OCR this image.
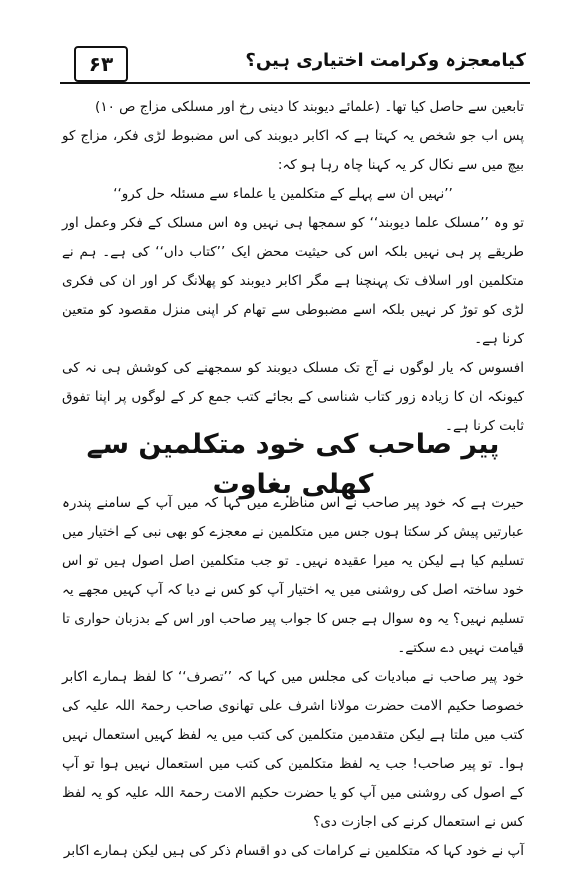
۶۳	کیامعجزہ وکرامت اختیاری ہیں؟

تابعین سے حاصل کیا تھا۔ (علمائے دیوبند کا دینی رخ اور مسلکی مزاج ص ۱۰)

پس اب جو شخص یہ کہتا ہے کہ اکابر دیوبند کی اس مضبوط لڑی فکر، مزاج کو بیچ میں سے نکال کر یہ کہنا چاہ رہا ہو کہ:

’’نہیں ان سے پہلے کے متکلمین یا علماء سے مسئلہ حل کرو‘‘

تو وہ ’’مسلک علما دیوبند‘‘ کو سمجھا ہی نہیں وہ اس مسلک کے فکر وعمل اور طریقے پر ہی نہیں بلکہ اس کی حیثیت محض ایک ’’کتاب داں‘‘ کی ہے۔ ہم نے متکلمین اور اسلاف تک پہنچنا ہے مگر اکابر دیوبند کو پھلانگ کر اور ان کی فکری لڑی کو توڑ کر نہیں بلکہ اسے مضبوطی سے تھام کر اپنی منزل مقصود کو متعین کرنا ہے۔

افسوس کہ یار لوگوں نے آج تک مسلک دیوبند کو سمجھنے کی کوشش ہی نہ کی کیونکہ ان کا زیادہ زور کتاب شناسی کے بجائے کتب جمع کر کے لوگوں پر اپنا تفوق ثابت کرنا ہے۔

پیر صاحب کی خود متکلمین سے کھلی بغاوت

حیرت ہے کہ خود پیر صاحب نے اس مناظرے میں کہا کہ میں آپ کے سامنے پندرہ عبارتیں پیش کر سکتا ہوں جس میں متکلمین نے معجزے کو بھی نبی کے اختیار میں تسلیم کیا ہے لیکن یہ میرا عقیدہ نہیں۔ تو جب متکلمین اصل اصول ہیں تو اس خود ساختہ اصل کی روشنی میں یہ اختیار آپ کو کس نے دیا کہ آپ کہیں مجھے یہ تسلیم نہیں؟ یہ وہ سوال ہے جس کا جواب پیر صاحب اور اس کے بدزبان حواری تا قیامت نہیں دے سکتے۔

خود پیر صاحب نے مبادیات کی مجلس میں کہا کہ ’’تصرف‘‘ کا لفظ ہمارے اکابر خصوصا حکیم الامت حضرت مولانا اشرف علی تھانوی صاحب رحمۃ اللہ علیہ کی کتب میں ملتا ہے لیکن متقدمین متکلمین کی کتب میں یہ لفظ کہیں استعمال نہیں ہوا۔ تو پیر صاحب! جب یہ لفظ متکلمین کی کتب میں استعمال نہیں ہوا تو آپ کے اصول کی روشنی میں آپ کو یا حضرت حکیم الامت رحمۃ اللہ علیہ کو یہ لفظ کس نے استعمال کرنے کی اجازت دی؟

آپ نے خود کہا کہ متکلمین نے کرامات کی دو اقسام ذکر کی ہیں لیکن ہمارے اکابر
